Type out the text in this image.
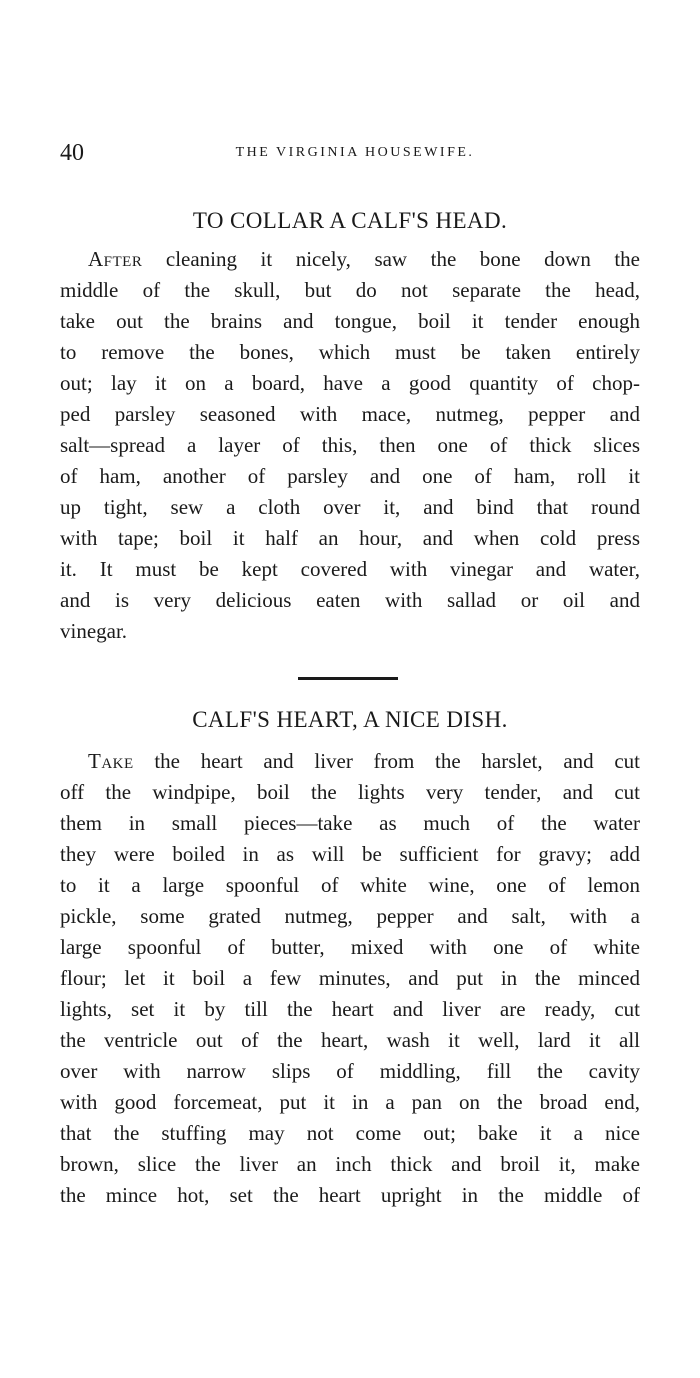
40	THE VIRGINIA HOUSEWIFE.
TO COLLAR A CALF'S HEAD.
After cleaning it nicely, saw the bone down the
middle of the skull, but do not separate the head,
take out the brains and tongue, boil it tender enough
to remove the bones, which must be taken entirely
out; lay it on a board, have a good quantity of chop-
ped parsley seasoned with mace, nutmeg, pepper and
salt—spread a layer of this, then one of thick slices
of ham, another of parsley and one of ham, roll it
up tight, sew a cloth over it, and bind that round
with tape; boil it half an hour, and when cold press
it. It must be kept covered with vinegar and water,
and is very delicious eaten with sallad or oil and
vinegar.
CALF'S HEART, A NICE DISH.
Take the heart and liver from the harslet, and cut
off the windpipe, boil the lights very tender, and cut
them in small pieces—take as much of the water
they were boiled in as will be sufficient for gravy; add
to it a large spoonful of white wine, one of lemon
pickle, some grated nutmeg, pepper and salt, with a
large spoonful of butter, mixed with one of white
flour; let it boil a few minutes, and put in the minced
lights, set it by till the heart and liver are ready, cut
the ventricle out of the heart, wash it well, lard it all
over with narrow slips of middling, fill the cavity
with good forcemeat, put it in a pan on the broad end,
that the stuffing may not come out; bake it a nice
brown, slice the liver an inch thick and broil it, make
the mince hot, set the heart upright in the middle of
